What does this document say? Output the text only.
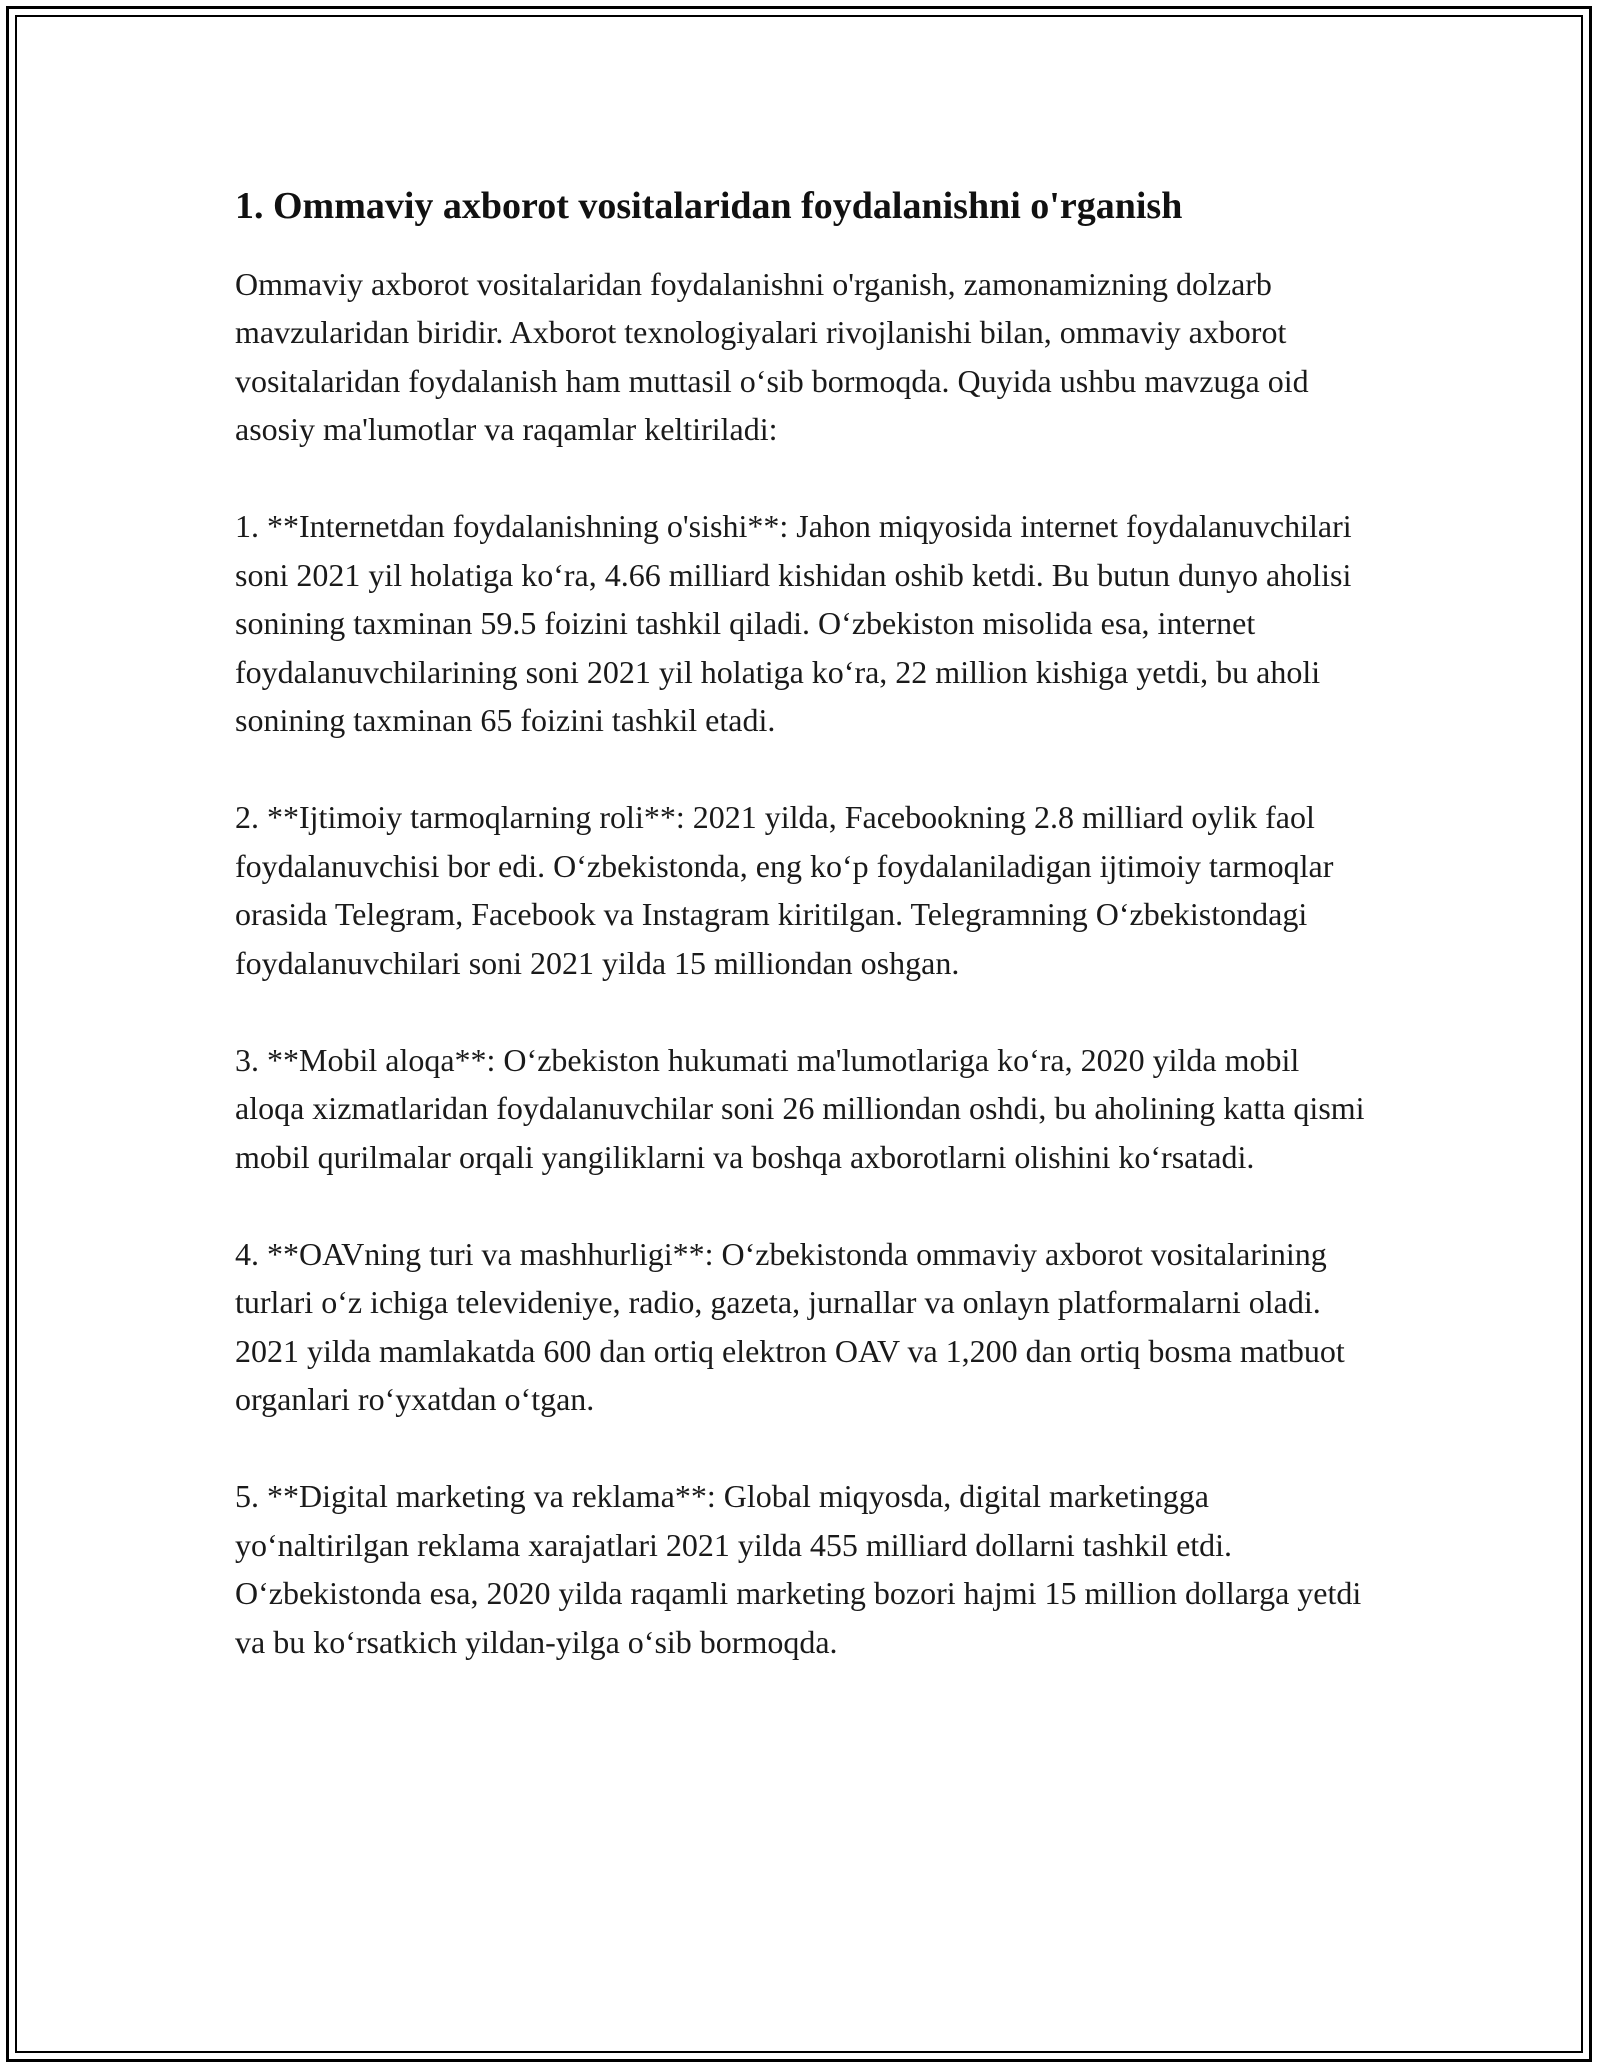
1. Ommaviy axborot vositalaridan foydalanishni o'rganish

Ommaviy axborot vositalaridan foydalanishni o'rganish, zamonamizning dolzarb mavzularidan biridir. Axborot texnologiyalari rivojlanishi bilan, ommaviy axborot vositalaridan foydalanish ham muttasil o‘sib bormoqda. Quyida ushbu mavzuga oid asosiy ma'lumotlar va raqamlar keltiriladi:

1. **Internetdan foydalanishning o'sishi**: Jahon miqyosida internet foydalanuvchilari soni 2021 yil holatiga ko‘ra, 4.66 milliard kishidan oshib ketdi. Bu butun dunyo aholisi sonining taxminan 59.5 foizini tashkil qiladi. O‘zbekiston misolida esa, internet foydalanuvchilarining soni 2021 yil holatiga ko‘ra, 22 million kishiga yetdi, bu aholi sonining taxminan 65 foizini tashkil etadi.

2. **Ijtimoiy tarmoqlarning roli**: 2021 yilda, Facebookning 2.8 milliard oylik faol foydalanuvchisi bor edi. O‘zbekistonda, eng ko‘p foydalaniladigan ijtimoiy tarmoqlar orasida Telegram, Facebook va Instagram kiritilgan. Telegramning O‘zbekistondagi foydalanuvchilari soni 2021 yilda 15 milliondan oshgan.

3. **Mobil aloqa**: O‘zbekiston hukumati ma'lumotlariga ko‘ra, 2020 yilda mobil aloqa xizmatlaridan foydalanuvchilar soni 26 milliondan oshdi, bu aholining katta qismi mobil qurilmalar orqali yangiliklarni va boshqa axborotlarni olishini ko‘rsatadi.

4. **OAVning turi va mashhurligi**: O‘zbekistonda ommaviy axborot vositalarining turlari o‘z ichiga televideniye, radio, gazeta, jurnallar va onlayn platformalarni oladi. 2021 yilda mamlakatda 600 dan ortiq elektron OAV va 1,200 dan ortiq bosma matbuot organlari ro‘yxatdan o‘tgan.

5. **Digital marketing va reklama**: Global miqyosda, digital marketingga yo‘naltirilgan reklama xarajatlari 2021 yilda 455 milliard dollarni tashkil etdi. O‘zbekistonda esa, 2020 yilda raqamli marketing bozori hajmi 15 million dollarga yetdi va bu ko‘rsatkich yildan-yilga o‘sib bormoqda.
